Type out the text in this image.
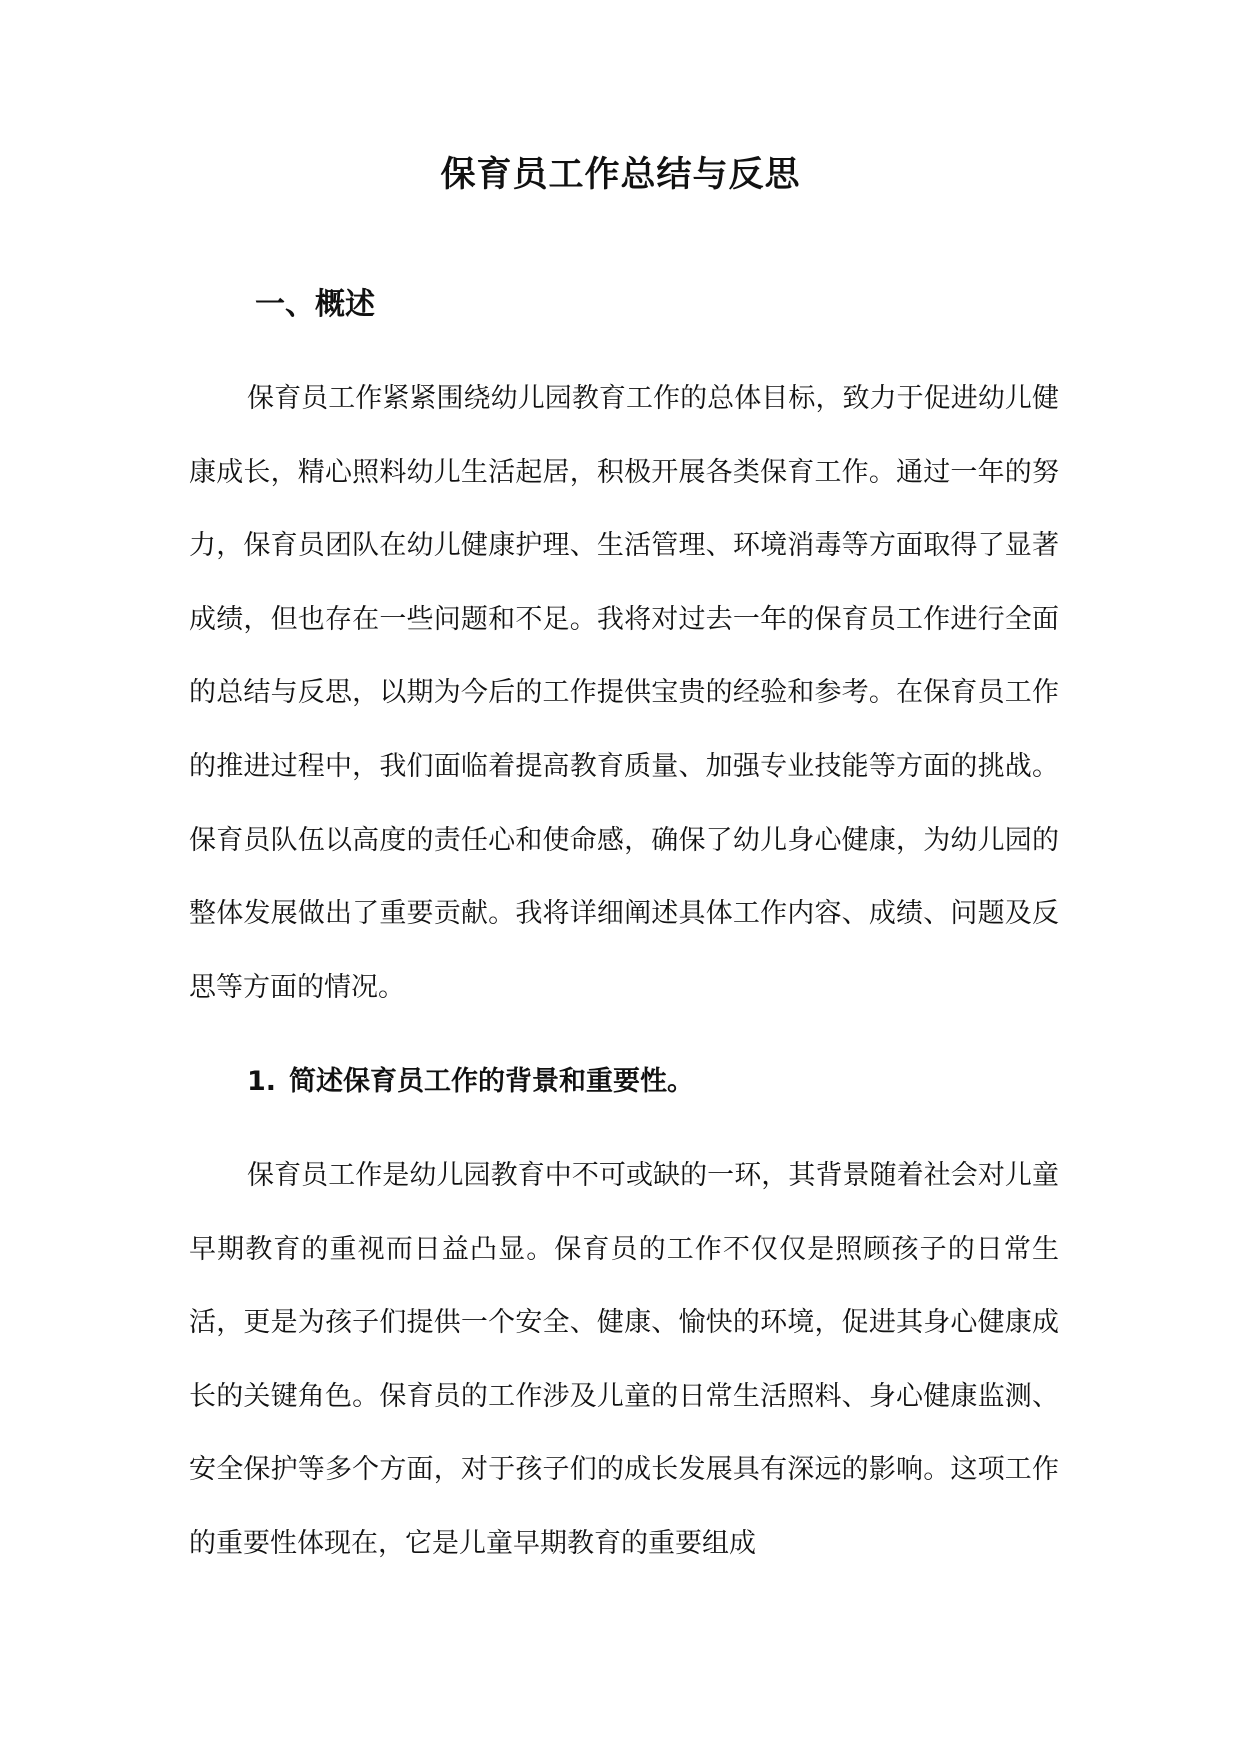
保育员工作总结与反思
一、概述

保育员工作紧紧围绕幼儿园教育工作的总体目标，致力于促进幼儿健康成长，精心照料幼儿生活起居，积极开展各类保育工作。通过一年的努力，保育员团队在幼儿健康护理、生活管理、环境消毒等方面取得了显著成绩，但也存在一些问题和不足。我将对过去一年的保育员工作进行全面的总结与反思，以期为今后的工作提供宝贵的经验和参考。在保育员工作的推进过程中，我们面临着提高教育质量、加强专业技能等方面的挑战。保育员队伍以高度的责任心和使命感，确保了幼儿身心健康，为幼儿园的整体发展做出了重要贡献。我将详细阐述具体工作内容、成绩、问题及反思等方面的情况。

1. 简述保育员工作的背景和重要性。

保育员工作是幼儿园教育中不可或缺的一环，其背景随着社会对儿童早期教育的重视而日益凸显。保育员的工作不仅仅是照顾孩子的日常生活，更是为孩子们提供一个安全、健康、愉快的环境，促进其身心健康成长的关键角色。保育员的工作涉及儿童的日常生活照料、身心健康监测、安全保护等多个方面，对于孩子们的成长发展具有深远的影响。这项工作的重要性体现在，它是儿童早期教育的重要组成
